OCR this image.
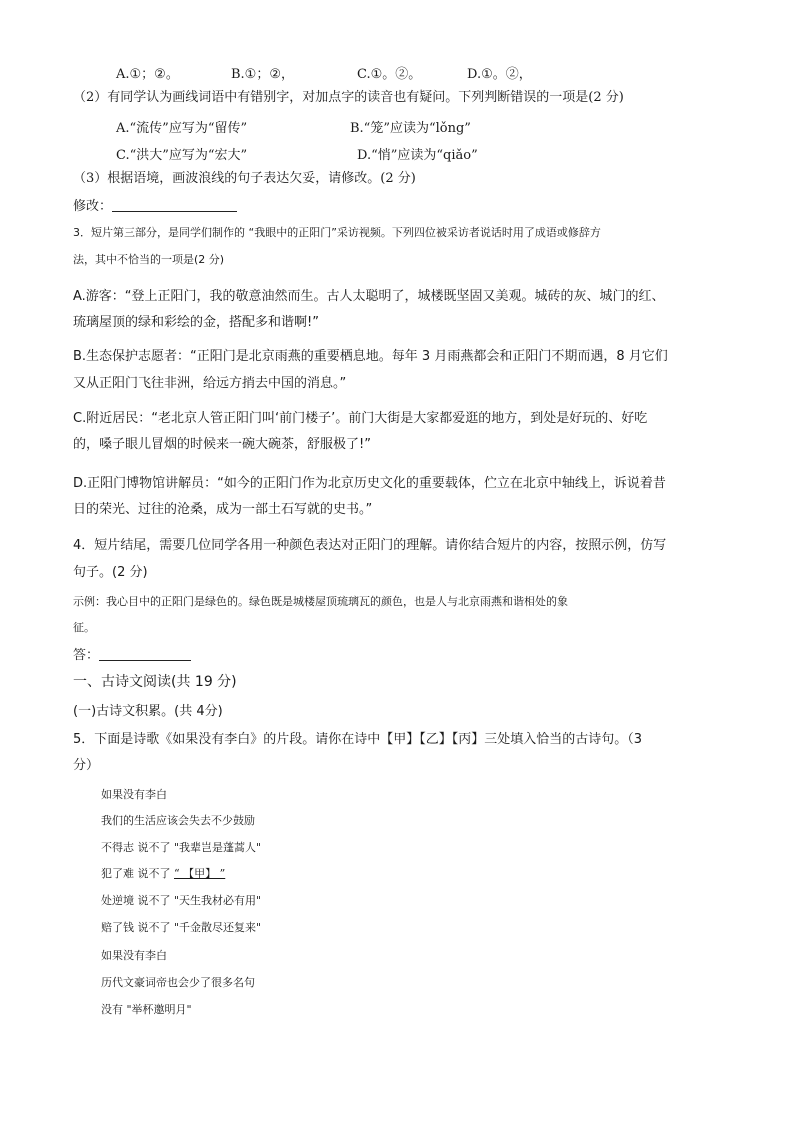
A.①；②。	B.①；②，	C.①。②。	D.①。②，
（2）有同学认为画线词语中有错别字，对加点字的读音也有疑问。下列判断错误的一项是(2 分)
A.“流传”应写为“留传”	B.“笼”应读为“lǒng”
C.“洪大”应写为“宏大”	D.“悄”应读为“qiǎo”
（3）根据语境，画波浪线的句子表达欠妥，请修改。(2 分)
修改：
3．短片第三部分，是同学们制作的 “我眼中的正阳门”采访视频。下列四位被采访者说话时用了成语或修辞方
法，其中不恰当的一项是(2 分)
A.游客：“登上正阳门，我的敬意油然而生。古人太聪明了，城楼既坚固又美观。城砖的灰、城门的红、
琉璃屋顶的绿和彩绘的金，搭配多和谐啊!”
B.生态保护志愿者：“正阳门是北京雨燕的重要栖息地。每年 3 月雨燕都会和正阳门不期而遇，8 月它们
又从正阳门飞往非洲，给远方捎去中国的消息。”
C.附近居民：“老北京人管正阳门叫‘前门楼子’。前门大街是大家都爱逛的地方，到处是好玩的、好吃
的，嗓子眼儿冒烟的时候来一碗大碗茶，舒服极了!”
D.正阳门博物馆讲解员：“如今的正阳门作为北京历史文化的重要载体，伫立在北京中轴线上，诉说着昔
日的荣光、过往的沧桑，成为一部土石写就的史书。”
4．短片结尾，需要几位同学各用一种颜色表达对正阳门的理解。请你结合短片的内容，按照示例，仿写
句子。(2 分)
示例：我心目中的正阳门是绿色的。绿色既是城楼屋顶琉璃瓦的颜色，也是人与北京雨燕和谐相处的象
征。
答：
一、古诗文阅读(共 19 分)
(一)古诗文积累。(共 4分)
5．下面是诗歌《如果没有李白》的片段。请你在诗中【甲】【乙】【丙】三处填入恰当的古诗句。（3
分）
如果没有李白
我们的生活应该会失去不少鼓励
不得志 说不了 "我辈岂是蓬蒿人"
犯了难 说不了 “ 【甲】 ”
处逆境 说不了 "天生我材必有用"
赔了钱 说不了 "千金散尽还复来"
如果没有李白
历代文豪词帝也会少了很多名句
没有 "举杯邀明月"
